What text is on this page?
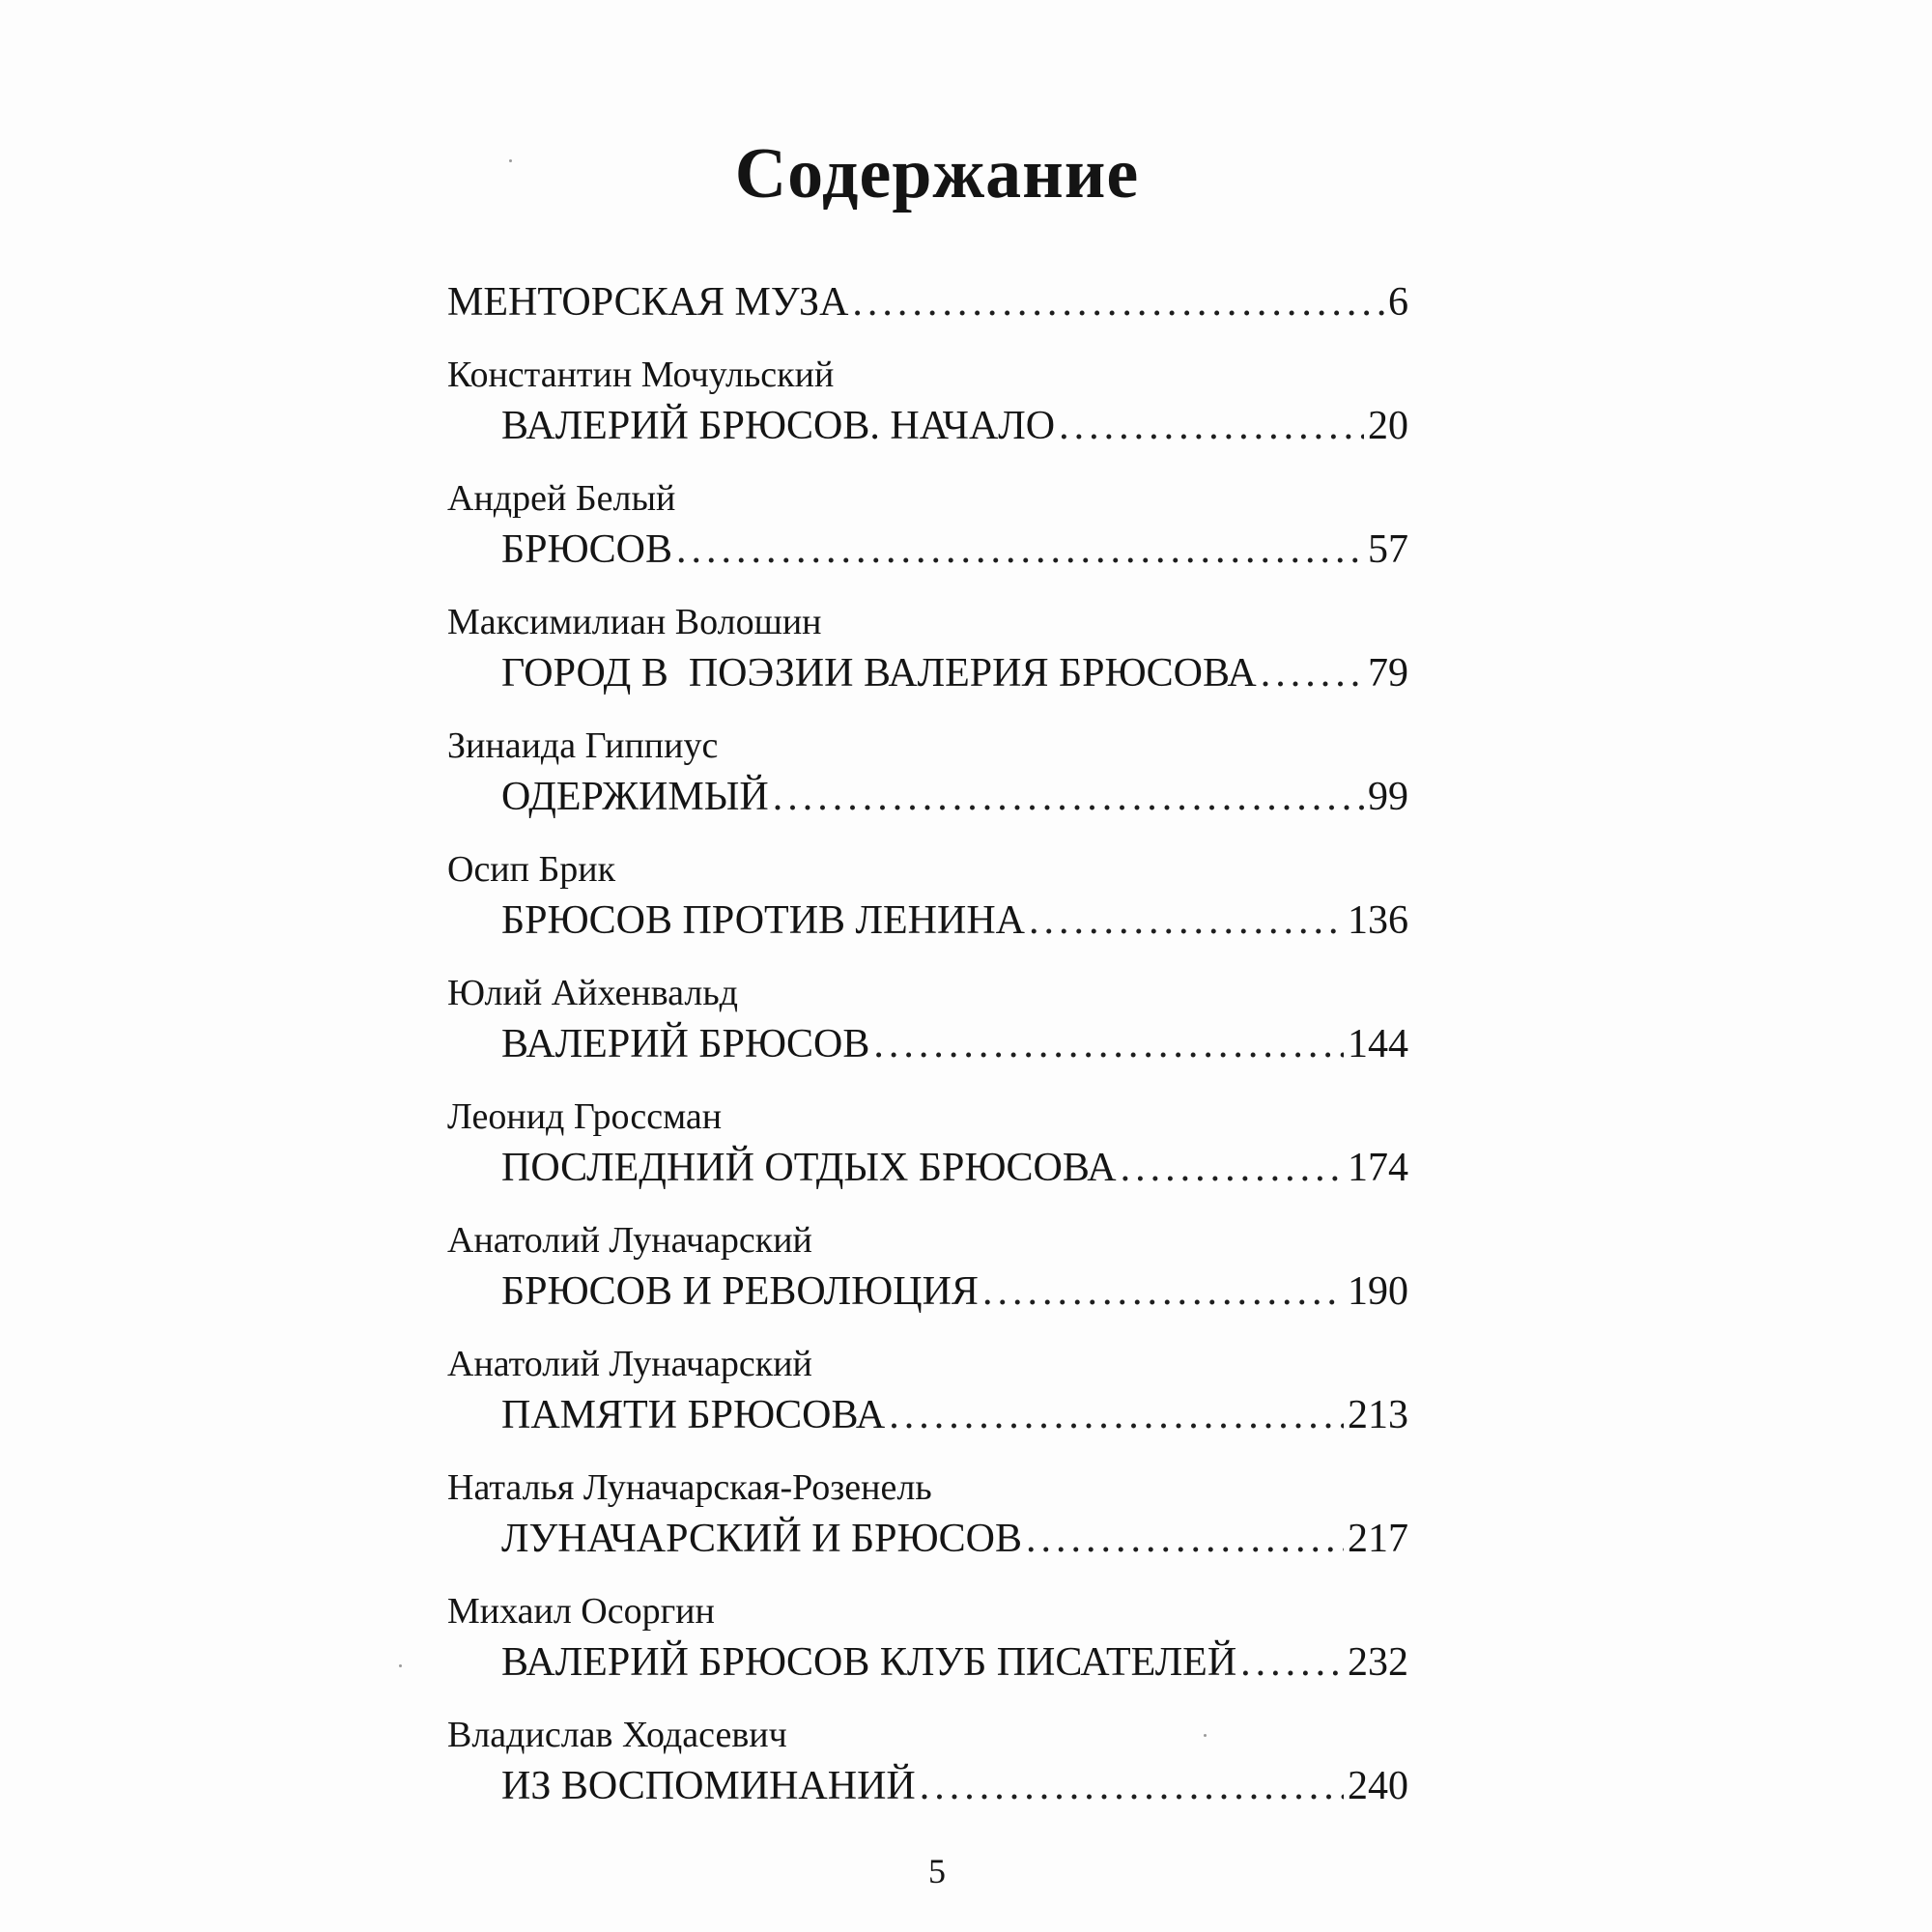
Содержание
МЕНТОРСКАЯ МУЗА .....	6
Константин Мочульский
ВАЛЕРИЙ БРЮСОВ. НАЧАЛО .....	20
Андрей Белый
БРЮСОВ .....	57
Максимилиан Волошин
ГОРОД В  ПОЭЗИИ ВАЛЕРИЯ БРЮСОВА .....	79
Зинаида Гиппиус
ОДЕРЖИМЫЙ .....	99
Осип Брик
БРЮСОВ ПРОТИВ ЛЕНИНА .....	136
Юлий Айхенвальд
ВАЛЕРИЙ БРЮСОВ .....	144
Леонид Гроссман
ПОСЛЕДНИЙ ОТДЫХ БРЮСОВА .....	174
Анатолий Луначарский
БРЮСОВ И РЕВОЛЮЦИЯ .....	190
Анатолий Луначарский
ПАМЯТИ БРЮСОВА .....	213
Наталья Луначарская-Розенель
ЛУНАЧАРСКИЙ И БРЮСОВ .....	217
Михаил Осоргин
ВАЛЕРИЙ БРЮСОВ КЛУБ ПИСАТЕЛЕЙ .....	232
Владислав Ходасевич
ИЗ ВОСПОМИНАНИЙ .....	240
5
